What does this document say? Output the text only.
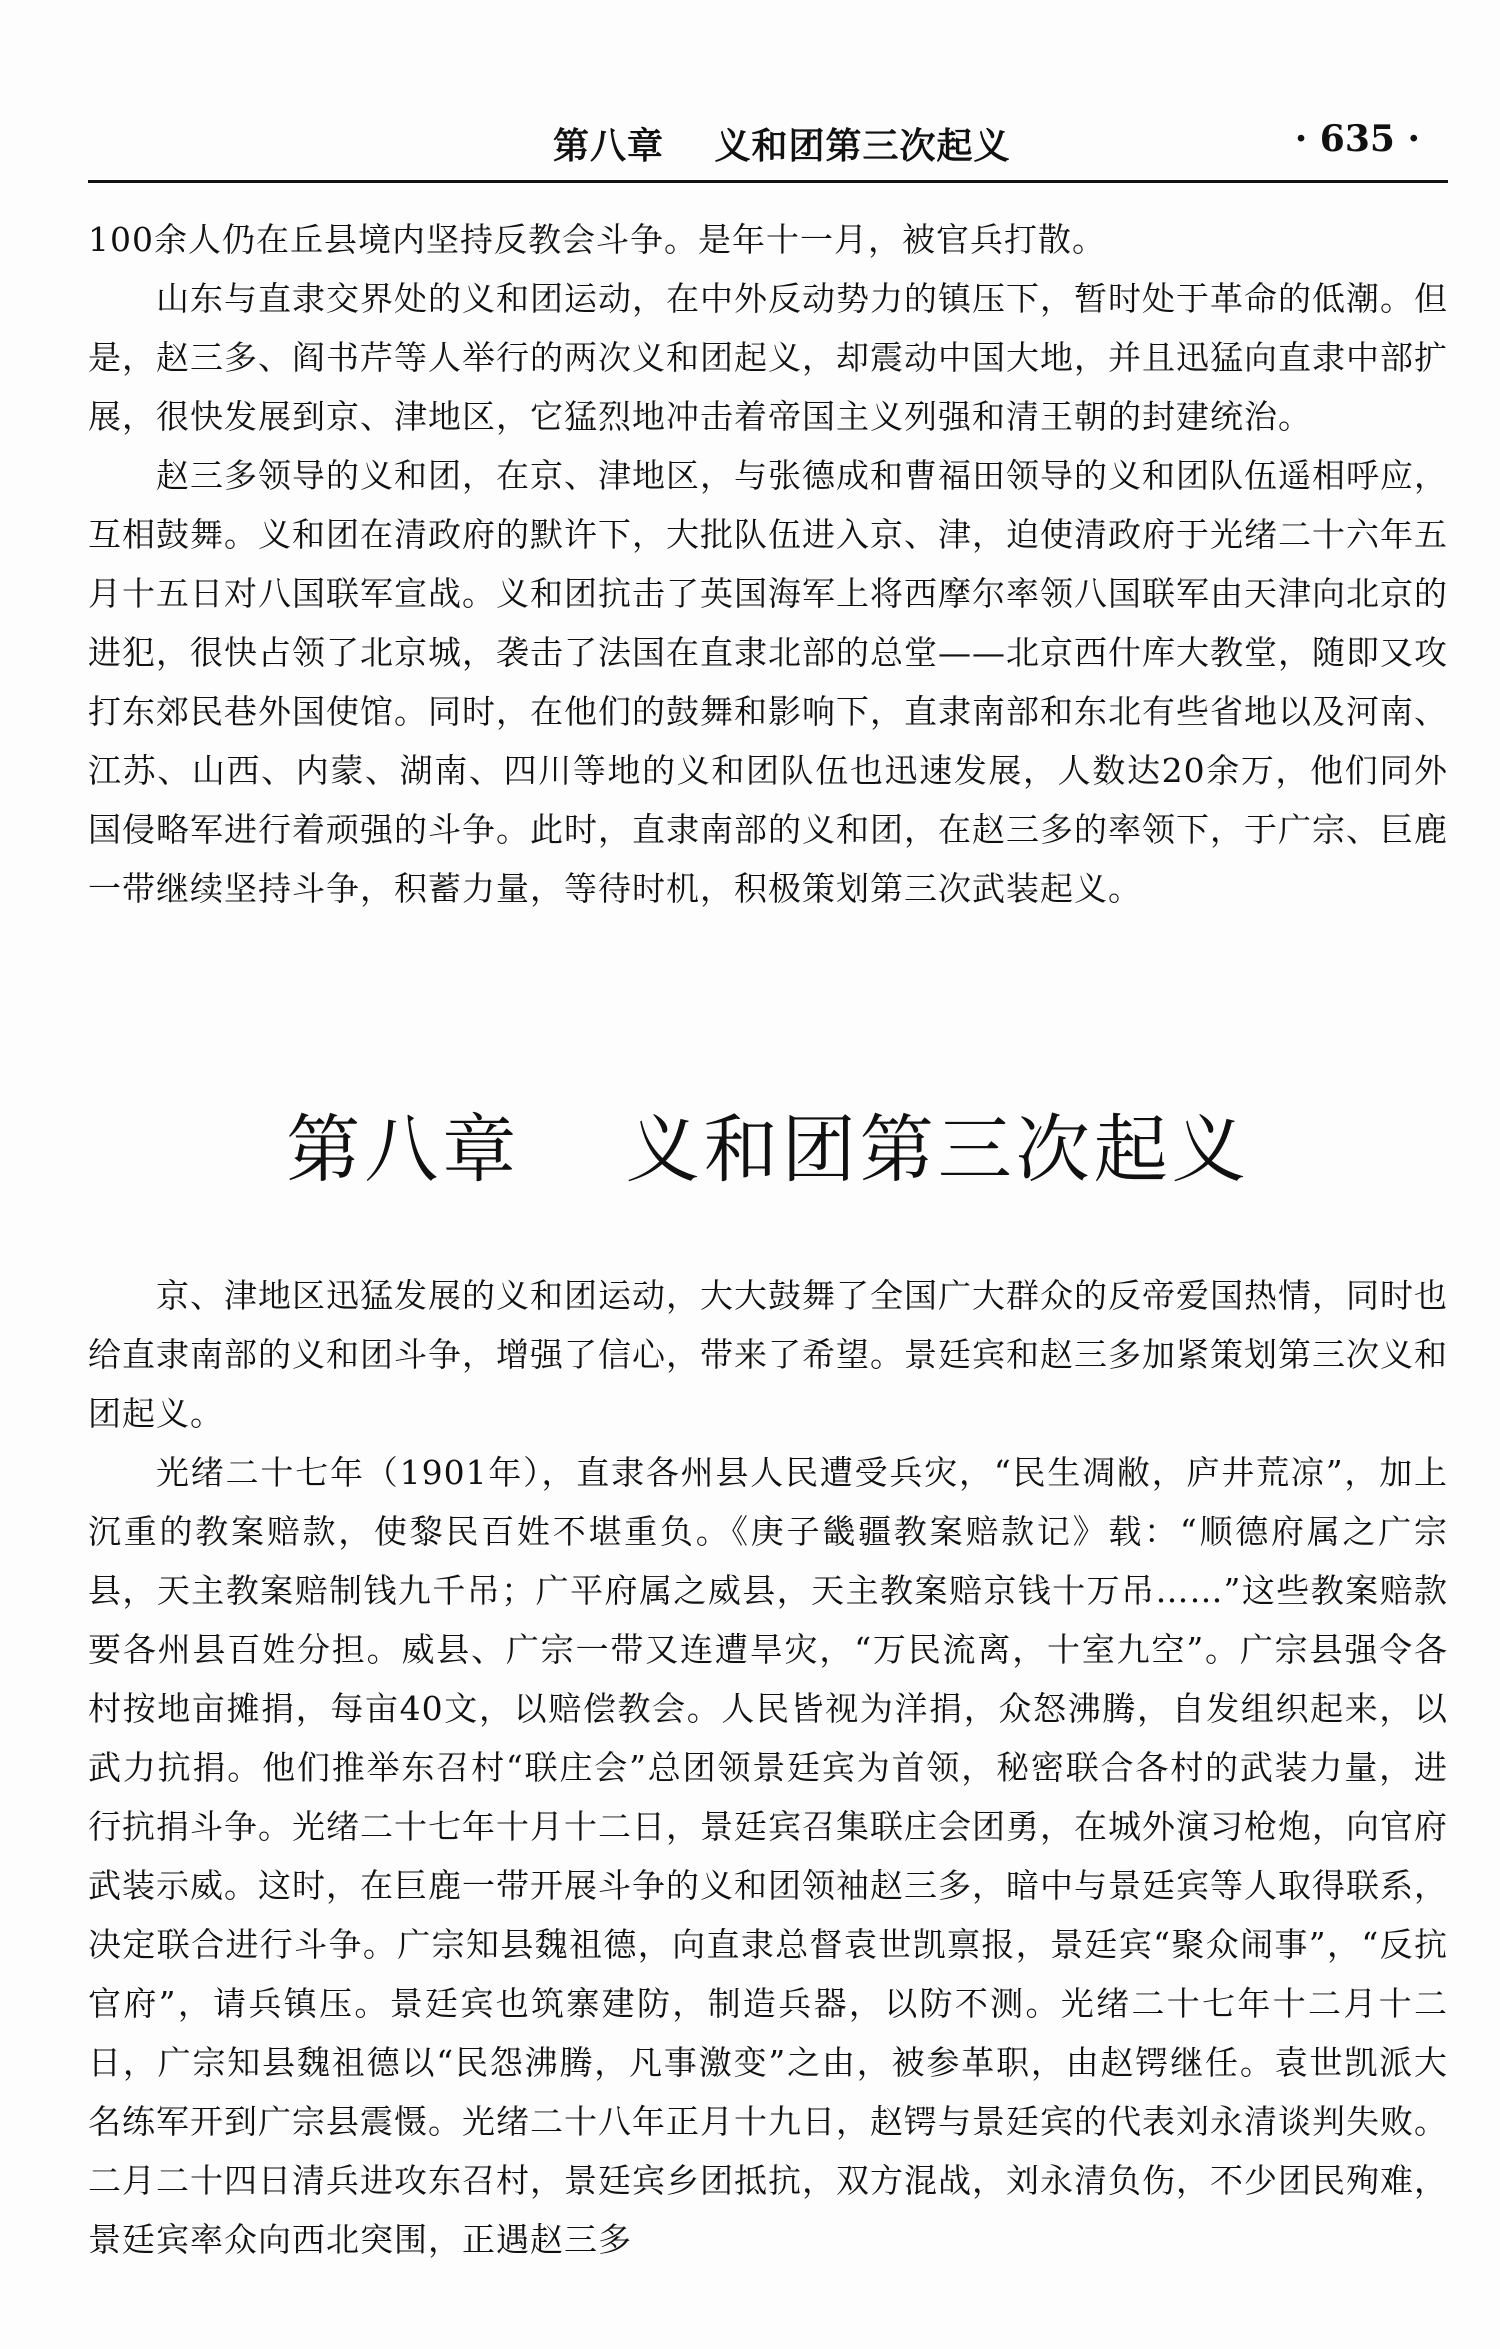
第八章　 义和团第三次起义	· 635 ·

100余人仍在丘县境内坚持反教会斗争。是年十一月，被官兵打散。

山东与直隶交界处的义和团运动，在中外反动势力的镇压下，暂时处于革命的低潮。但是，赵三多、阎书芹等人举行的两次义和团起义，却震动中国大地，并且迅猛向直隶中部扩展，很快发展到京、津地区，它猛烈地冲击着帝国主义列强和清王朝的封建统治。

赵三多领导的义和团，在京、津地区，与张德成和曹福田领导的义和团队伍遥相呼应，互相鼓舞。义和团在清政府的默许下，大批队伍进入京、津，迫使清政府于光绪二十六年五月十五日对八国联军宣战。义和团抗击了英国海军上将西摩尔率领八国联军由天津向北京的进犯，很快占领了北京城，袭击了法国在直隶北部的总堂——北京西什库大教堂，随即又攻打东郊民巷外国使馆。同时，在他们的鼓舞和影响下，直隶南部和东北有些省地以及河南、江苏、山西、内蒙、湖南、四川等地的义和团队伍也迅速发展，人数达20余万，他们同外国侵略军进行着顽强的斗争。此时，直隶南部的义和团，在赵三多的率领下，于广宗、巨鹿一带继续坚持斗争，积蓄力量，等待时机，积极策划第三次武装起义。

第八章　 义和团第三次起义

京、津地区迅猛发展的义和团运动，大大鼓舞了全国广大群众的反帝爱国热情，同时也给直隶南部的义和团斗争，增强了信心，带来了希望。景廷宾和赵三多加紧策划第三次义和团起义。

光绪二十七年（1901年），直隶各州县人民遭受兵灾，“民生凋敝，庐井荒凉”，加上沉重的教案赔款，使黎民百姓不堪重负。《庚子畿疆教案赔款记》载：“顺德府属之广宗县，天主教案赔制钱九千吊；广平府属之威县，天主教案赔京钱十万吊……”这些教案赔款要各州县百姓分担。威县、广宗一带又连遭旱灾，“万民流离，十室九空”。广宗县强令各村按地亩摊捐，每亩40文，以赔偿教会。人民皆视为洋捐，众怒沸腾，自发组织起来，以武力抗捐。他们推举东召村“联庄会”总团领景廷宾为首领，秘密联合各村的武装力量，进行抗捐斗争。光绪二十七年十月十二日，景廷宾召集联庄会团勇，在城外演习枪炮，向官府武装示威。这时，在巨鹿一带开展斗争的义和团领袖赵三多，暗中与景廷宾等人取得联系，决定联合进行斗争。广宗知县魏祖德，向直隶总督袁世凯禀报，景廷宾“聚众闹事”，“反抗官府”，请兵镇压。景廷宾也筑寨建防，制造兵器，以防不测。光绪二十七年十二月十二日，广宗知县魏祖德以“民怨沸腾，凡事激变”之由，被参革职，由赵锷继任。袁世凯派大名练军开到广宗县震慑。光绪二十八年正月十九日，赵锷与景廷宾的代表刘永清谈判失败。二月二十四日清兵进攻东召村，景廷宾乡团抵抗，双方混战，刘永清负伤，不少团民殉难，景廷宾率众向西北突围，正遇赵三多
